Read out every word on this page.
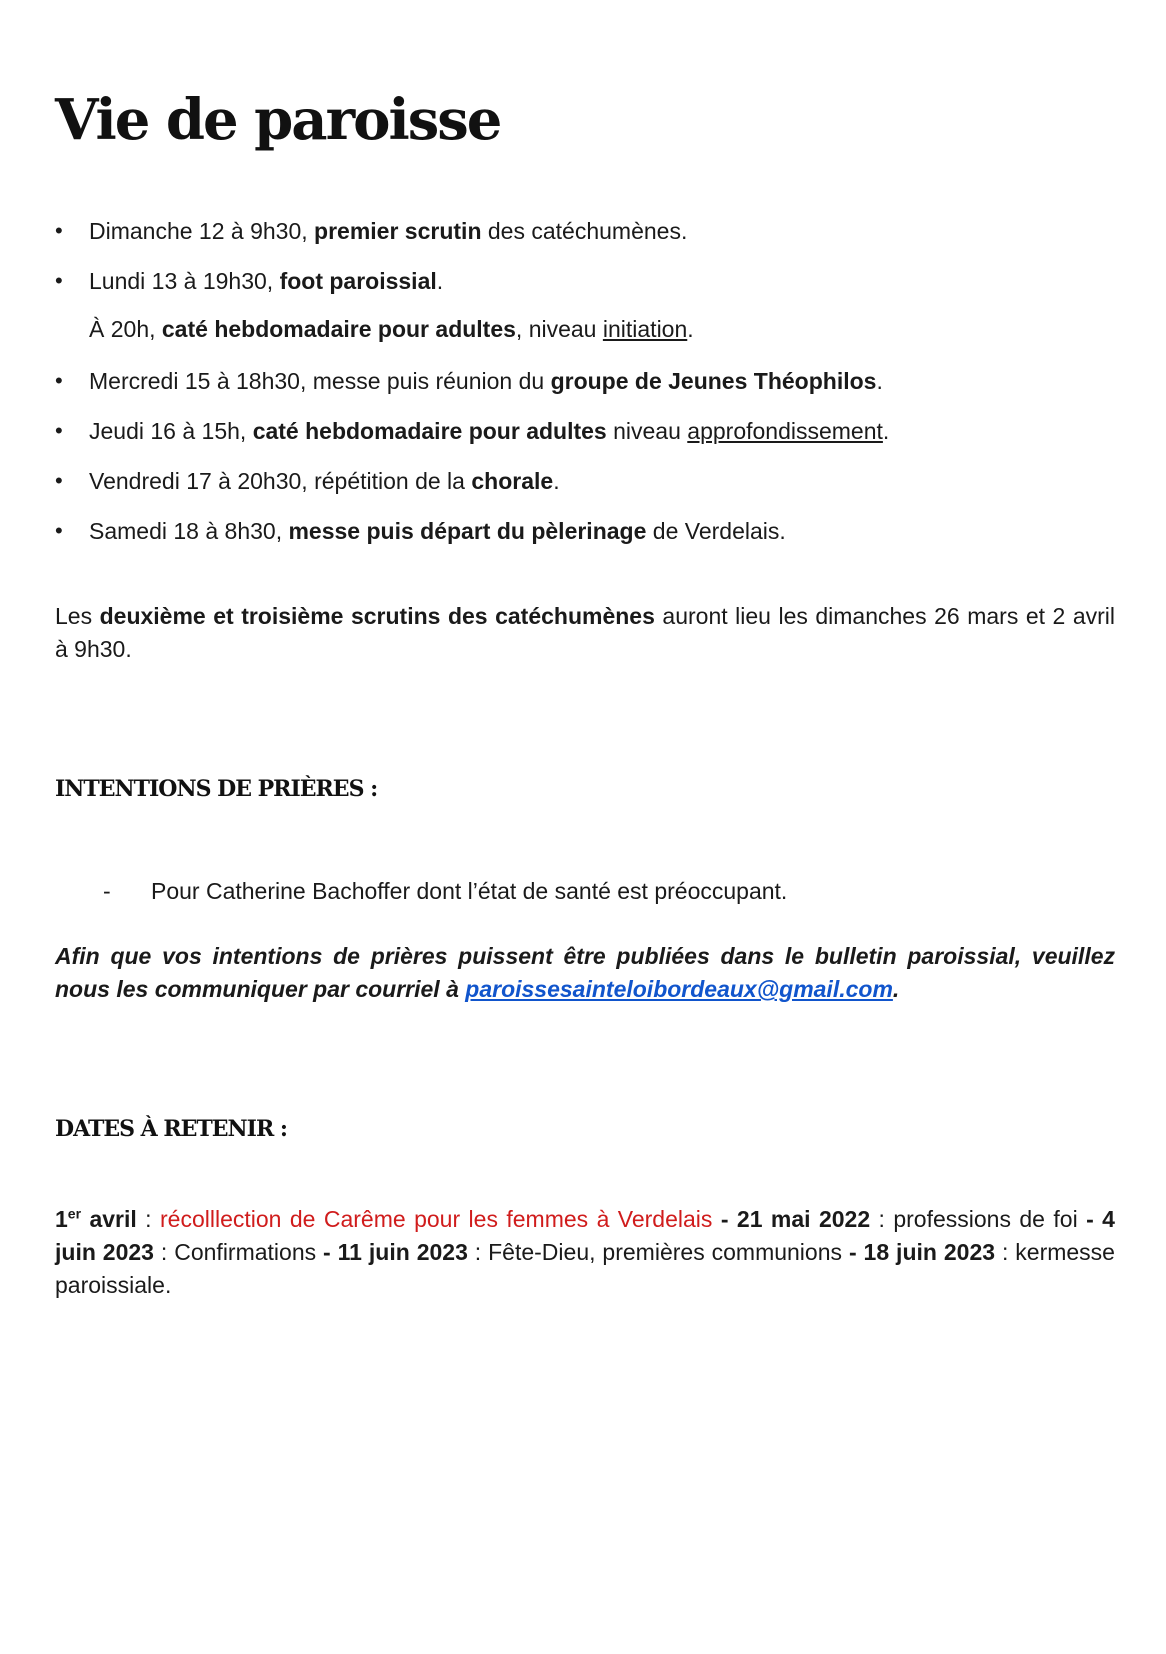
Vie de paroisse
•	Dimanche 12 à 9h30, premier scrutin des catéchumènes.
•	Lundi 13 à 19h30, foot paroissial.
À 20h, caté hebdomadaire pour adultes, niveau initiation.
•	Mercredi 15 à 18h30, messe puis réunion du groupe de Jeunes Théophilos.
•	Jeudi 16 à 15h, caté hebdomadaire pour adultes niveau approfondissement.
•	Vendredi 17 à 20h30, répétition de la chorale.
•	Samedi 18 à 8h30, messe puis départ du pèlerinage de Verdelais.

Les deuxième et troisième scrutins des catéchumènes auront lieu les dimanches 26 mars et 2 avril à 9h30.

INTENTIONS DE PRIÈRES :
- Pour Catherine Bachoffer dont l’état de santé est préoccupant.

Afin que vos intentions de prières puissent être publiées dans le bulletin paroissial, veuillez nous les communiquer par courriel à paroissesainteloibordeaux@gmail.com.

DATES À RETENIR :

1er avril : récolllection de Carême pour les femmes à Verdelais - 21 mai 2022 : professions de foi - 4 juin 2023 : Confirmations - 11 juin 2023 : Fête-Dieu, premières communions - 18 juin 2023 : kermesse paroissiale.
